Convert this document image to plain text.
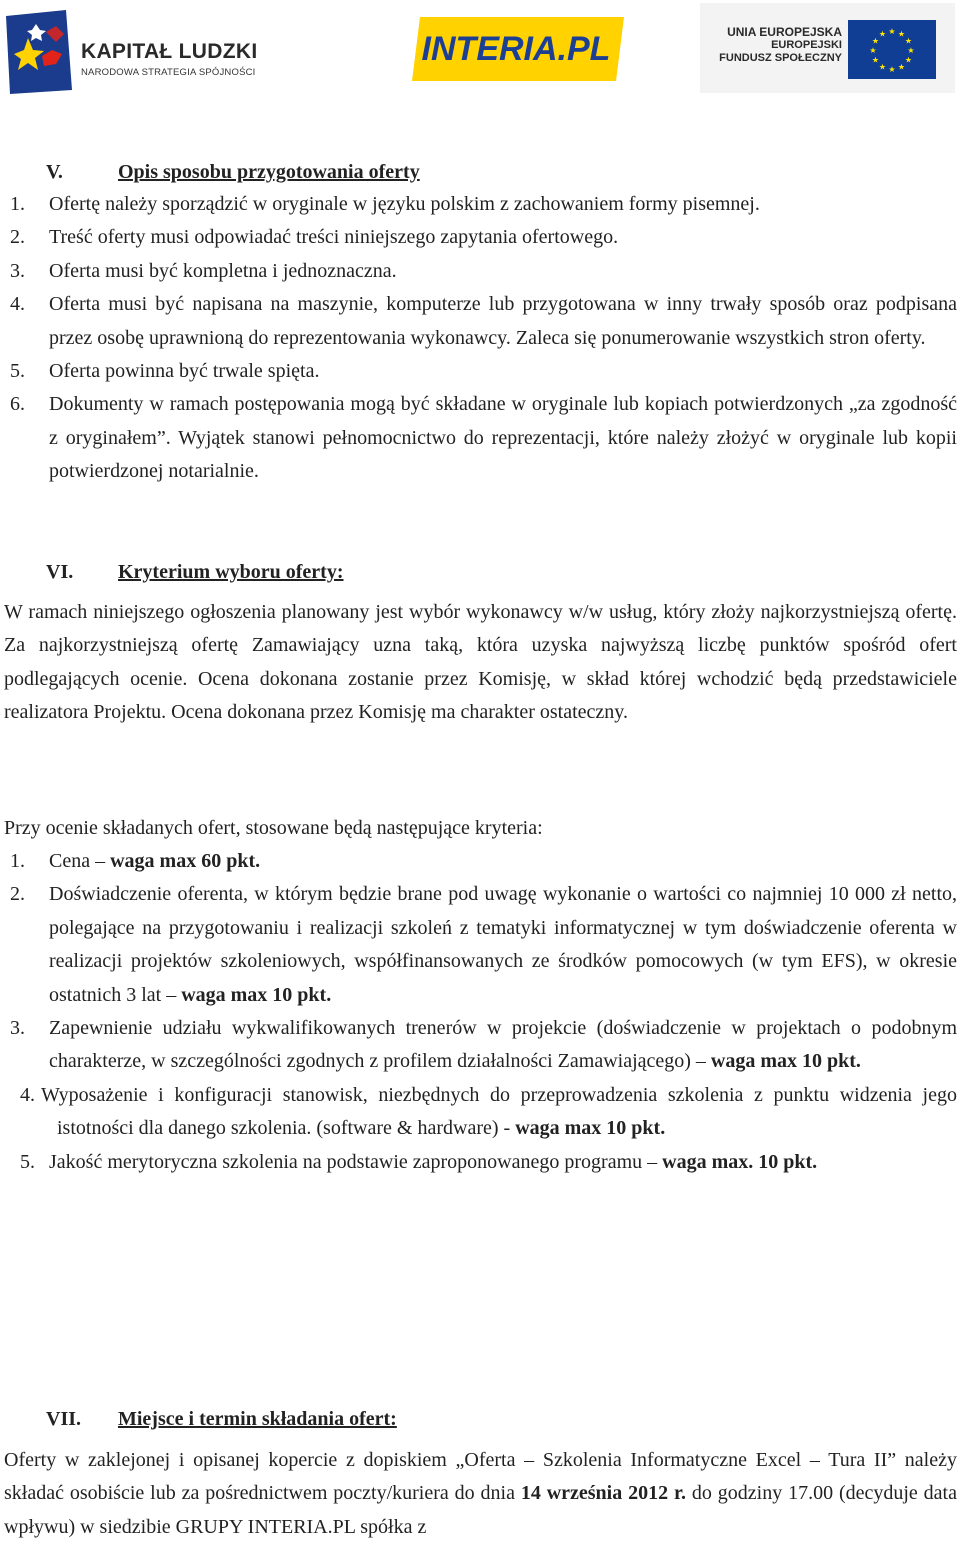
KAPITAŁ LUDZKI
NARODOWA STRATEGIA SPÓJNOŚCI
INTERIA.PL	UNIA EUROPEJSKA
EUROPEJSKI
FUNDUSZ SPOŁECZNY
★ ★
★
★
★
★
★
★
★
★
★
★
V.	Opis sposobu przygotowania oferty
1. Ofertę należy sporządzić w oryginale w języku polskim z zachowaniem formy pisemnej.
2. Treść oferty musi odpowiadać treści niniejszego zapytania ofertowego.
3. Oferta musi być kompletna i jednoznaczna.
4. Oferta musi być napisana na maszynie, komputerze lub przygotowana w inny trwały sposób oraz podpisana przez osobę uprawnioną do reprezentowania wykonawcy. Zaleca się ponumerowanie wszystkich stron oferty.
5. Oferta powinna być trwale spięta.
6. Dokumenty w ramach postępowania mogą być składane w oryginale lub kopiach potwierdzonych „za zgodność z oryginałem”. Wyjątek stanowi pełnomocnictwo do reprezentacji, które należy złożyć w oryginale lub kopii potwierdzonej notarialnie.
VI. Kryterium wyboru oferty:
W ramach niniejszego ogłoszenia planowany jest wybór wykonawcy w/w usług, który złoży najkorzystniejszą ofertę. Za najkorzystniejszą ofertę Zamawiający uzna taką, która uzyska najwyższą liczbę punktów spośród ofert podlegających ocenie. Ocena dokonana zostanie przez Komisję, w skład której wchodzić będą przedstawiciele realizatora Projektu. Ocena dokonana przez Komisję ma charakter ostateczny.
Przy ocenie składanych ofert, stosowane będą następujące kryteria:
1. Cena – waga max 60 pkt.
2. Doświadczenie oferenta, w którym będzie brane pod uwagę wykonanie o wartości co najmniej 10 000 zł netto, polegające na przygotowaniu i realizacji szkoleń z tematyki informatycznej w tym doświadczenie oferenta w realizacji projektów szkoleniowych, współfinansowanych ze środków pomocowych (w tym EFS), w okresie ostatnich 3 lat – waga max 10 pkt.
3. Zapewnienie udziału wykwalifikowanych trenerów w projekcie (doświadczenie w projektach o podobnym charakterze, w szczególności zgodnych z profilem działalności Zamawiającego) – waga max 10 pkt.
4. Wyposażenie i konfiguracji stanowisk, niezbędnych do przeprowadzenia szkolenia z punktu widzenia jego istotności dla danego szkolenia. (software & hardware) - waga max 10 pkt.
5. Jakość merytoryczna szkolenia na podstawie zaproponowanego programu – waga max. 10 pkt.
VII. Miejsce i termin składania ofert:
Oferty w zaklejonej i opisanej kopercie z dopiskiem „Oferta – Szkolenia Informatyczne Excel – Tura II” należy składać osobiście lub za pośrednictwem poczty/kuriera do dnia 14 września 2012 r. do godziny 17.00 (decyduje data wpływu) w siedzibie GRUPY INTERIA.PL spółka z
